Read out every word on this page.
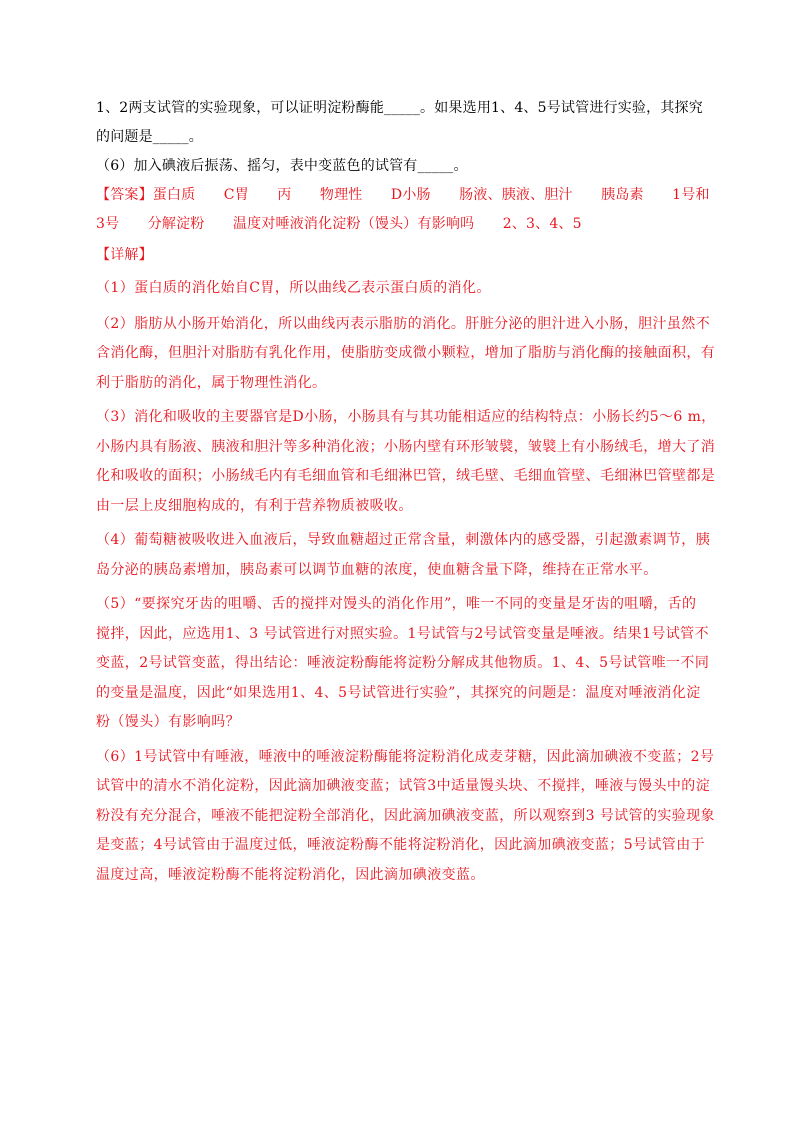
1、2两支试管的实验现象，可以证明淀粉酶能_____。如果选用1、4、5号试管进行实验，其探究

的问题是_____。

（6）加入碘液后振荡、摇匀，表中变蓝色的试管有_____。

【答案】蛋白质　　C胃　　丙　　物理性　　D小肠　　肠液、胰液、胆汁　　胰岛素　　1号和

3号　　分解淀粉　　温度对唾液消化淀粉（馒头）有影响吗　　2、3、4、5

【详解】

（1）蛋白质的消化始自C胃，所以曲线乙表示蛋白质的消化。
（2）脂肪从小肠开始消化，所以曲线丙表示脂肪的消化。肝脏分泌的胆汁进入小肠，胆汁虽然不
含消化酶，但胆汁对脂肪有乳化作用，使脂肪变成微小颗粒，增加了脂肪与消化酶的接触面积，有
利于脂肪的消化，属于物理性消化。
（3）消化和吸收的主要器官是D小肠，小肠具有与其功能相适应的结构特点：小肠长约5～6 m，
小肠内具有肠液、胰液和胆汁等多种消化液；小肠内壁有环形皱襞，皱襞上有小肠绒毛，增大了消
化和吸收的面积；小肠绒毛内有毛细血管和毛细淋巴管，绒毛壁、毛细血管壁、毛细淋巴管壁都是
由一层上皮细胞构成的，有利于营养物质被吸收。
（4）葡萄糖被吸收进入血液后，导致血糖超过正常含量，刺激体内的感受器，引起激素调节，胰
岛分泌的胰岛素增加，胰岛素可以调节血糖的浓度，使血糖含量下降，维持在正常水平。
（5）“要探究牙齿的咀嚼、舌的搅拌对馒头的消化作用”，唯一不同的变量是牙齿的咀嚼，舌的
搅拌，因此，应选用1、3 号试管进行对照实验。1号试管与2号试管变量是唾液。结果1号试管不
变蓝，2号试管变蓝，得出结论：唾液淀粉酶能将淀粉分解成其他物质。1、4、5号试管唯一不同
的变量是温度，因此“如果选用1、4、5号试管进行实验”，其探究的问题是：温度对唾液消化淀
粉（馒头）有影响吗？
（6）1号试管中有唾液，唾液中的唾液淀粉酶能将淀粉消化成麦芽糖，因此滴加碘液不变蓝；2号
试管中的清水不消化淀粉，因此滴加碘液变蓝；试管3中适量馒头块、不搅拌，唾液与馒头中的淀
粉没有充分混合，唾液不能把淀粉全部消化，因此滴加碘液变蓝，所以观察到3 号试管的实验现象
是变蓝；4号试管由于温度过低，唾液淀粉酶不能将淀粉消化，因此滴加碘液变蓝；5号试管由于
温度过高，唾液淀粉酶不能将淀粉消化，因此滴加碘液变蓝。
